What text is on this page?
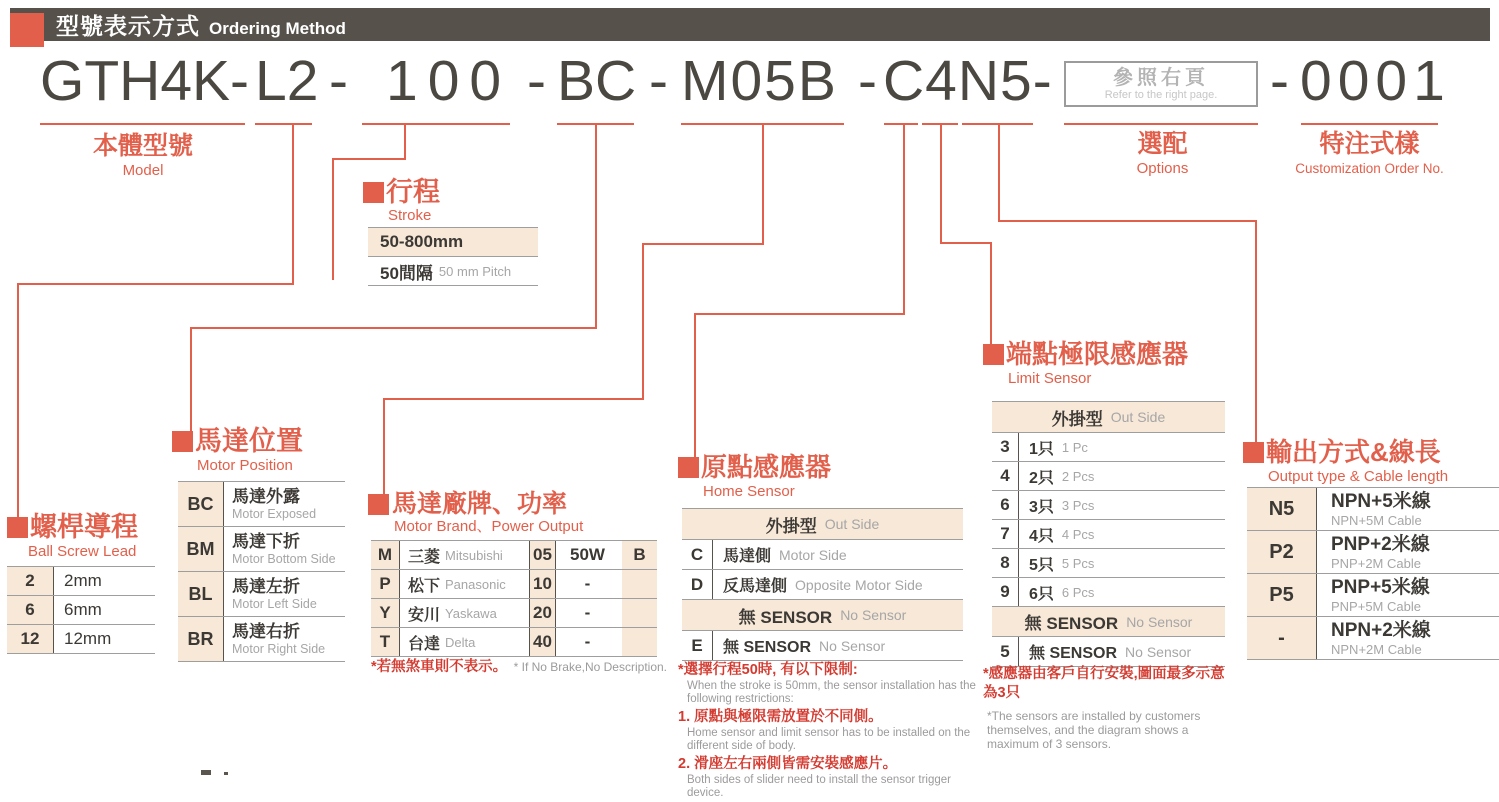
型號表示方式 Ordering Method
GTH4K- L2 - 100 - BC - M05B - C4N5-	參照右頁
Refer to the right page. - 0001
本體型號
Model
選配
Options
特注式樣
Customization Order No.
行程
Stroke
50-800mm
50間隔 50 mm Pitch
螺桿導程
Ball Screw Lead
2	2mm
6	6mm
12	12mm
馬達位置
Motor Position
BC	馬達外露
Motor Exposed
BM	馬達下折
Motor Bottom Side
BL	馬達左折
Motor Left Side
BR	馬達右折
Motor Right Side
馬達廠牌、功率
Motor Brand、Power Output
M 三菱 Mitsubishi 05	50W	B
P	松下 Panasonic 10	-
Y	安川 Yaskawa 20	-
T	台達 Delta	40	-
*若無煞車則不表示。 * If No Brake,No Description.
原點感應器
Home Sensor
外掛型 Out Side
C	馬達側 Motor Side
D	反馬達側 Opposite Motor Side
無 SENSOR No Sensor
E	無 SENSOR No Sensor
*選擇行程50時, 有以下限制:
When the stroke is 50mm, the sensor installation has the following restrictions:
1. 原點與極限需放置於不同側。
Home sensor and limit sensor has to be installed on the different side of body.
2. 滑座左右兩側皆需安裝感應片。
Both sides of slider need to install the sensor trigger device.
端點極限感應器
Limit Sensor
外掛型 Out Side
3	1只 1 Pc
4	2只 2 Pcs
6	3只 3 Pcs
7	4只 4 Pcs
8	5只 5 Pcs
9	6只 6 Pcs
無 SENSOR No Sensor
5	無 SENSOR No Sensor
*感應器由客戶自行安裝,圖面最多示意為3只
*The sensors are installed by customers themselves, and the diagram shows a maximum of 3 sensors.
輸出方式&線長
Output type & Cable length
N5	NPN+5米線
NPN+5M Cable
P2	PNP+2米線
PNP+2M Cable
P5	PNP+5米線
PNP+5M Cable
-	NPN+2米線
NPN+2M Cable
